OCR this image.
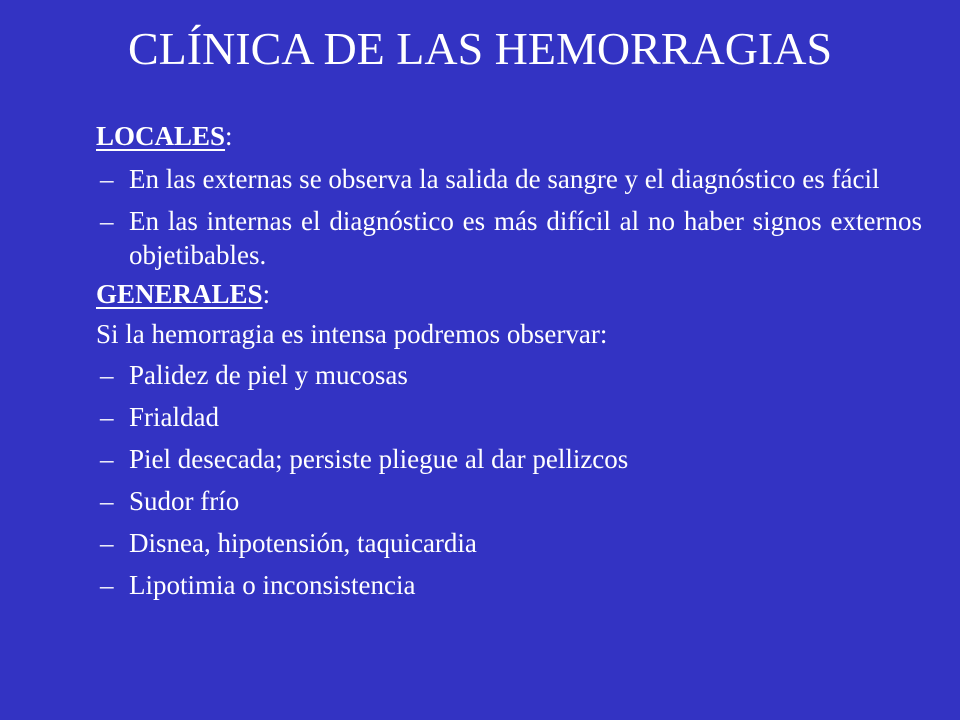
CLÍNICA DE LAS HEMORRAGIAS
LOCALES:
– En las externas se observa la salida de sangre y el diagnóstico es fácil
– En las internas el diagnóstico es más difícil al no haber signos externos objetibables.
GENERALES:
Si la hemorragia es intensa podremos observar:
– Palidez de piel y mucosas
– Frialdad
– Piel desecada; persiste pliegue al dar pellizcos
– Sudor frío
– Disnea, hipotensión, taquicardia
– Lipotimia o inconsistencia
